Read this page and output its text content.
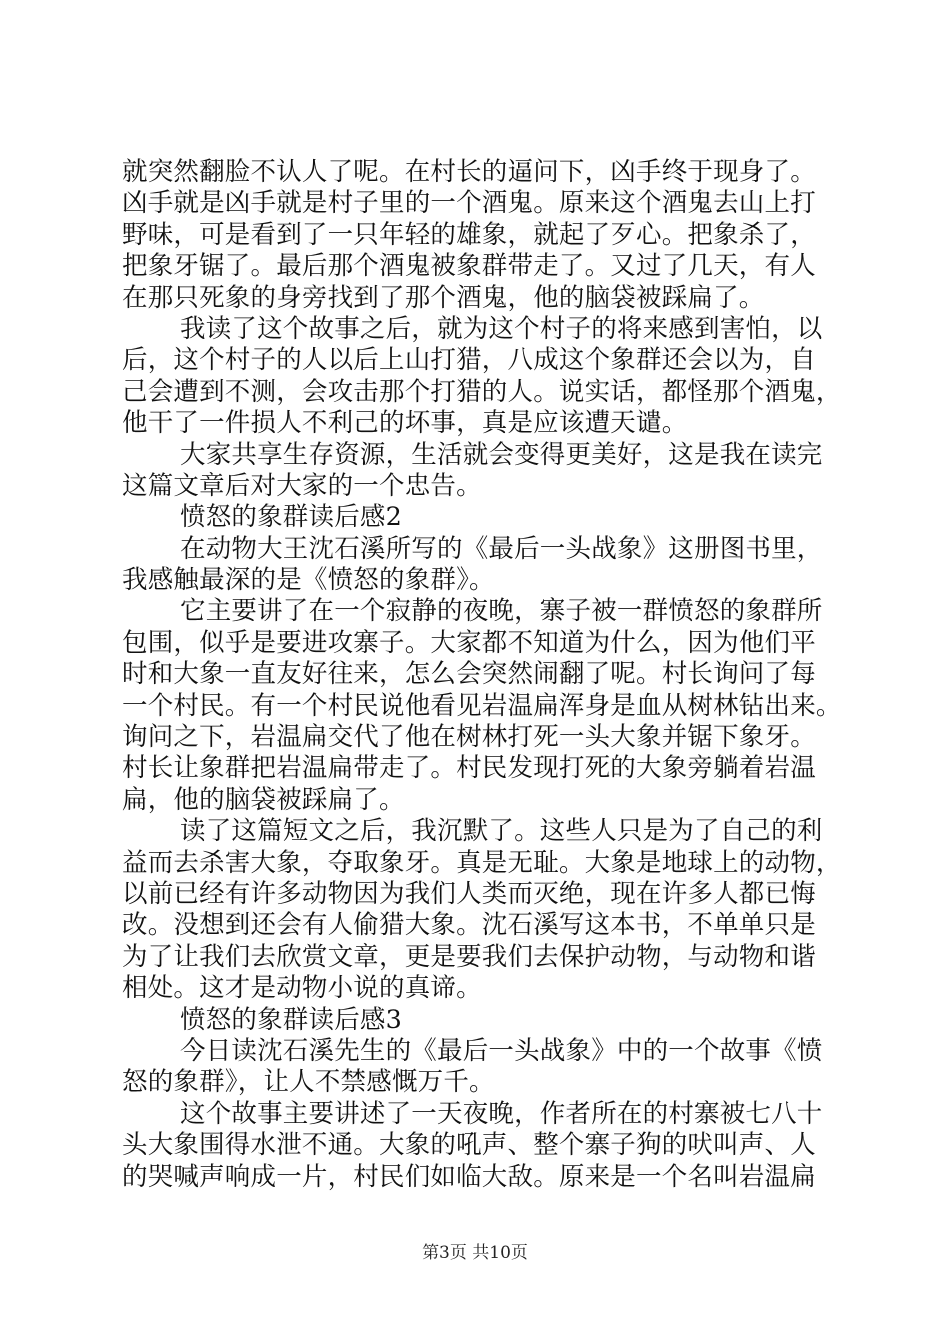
就突然翻脸不认人了呢。在村长的逼问下，凶手终于现身了。
凶手就是凶手就是村子里的一个酒鬼。原来这个酒鬼去山上打
野味，可是看到了一只年轻的雄象，就起了歹心。把象杀了，
把象牙锯了。最后那个酒鬼被象群带走了。又过了几天，有人
在那只死象的身旁找到了那个酒鬼，他的脑袋被踩扁了。
我读了这个故事之后，就为这个村子的将来感到害怕，以
后，这个村子的人以后上山打猎，八成这个象群还会以为，自
己会遭到不测，会攻击那个打猎的人。说实话，都怪那个酒鬼，
他干了一件损人不利己的坏事，真是应该遭天谴。
大家共享生存资源，生活就会变得更美好，这是我在读完
这篇文章后对大家的一个忠告。
愤怒的象群读后感2
在动物大王沈石溪所写的《最后一头战象》这册图书里，
我感触最深的是《愤怒的象群》。
它主要讲了在一个寂静的夜晚，寨子被一群愤怒的象群所
包围，似乎是要进攻寨子。大家都不知道为什么，因为他们平
时和大象一直友好往来，怎么会突然闹翻了呢。村长询问了每
一个村民。有一个村民说他看见岩温扁浑身是血从树林钻出来。
询问之下，岩温扁交代了他在树林打死一头大象并锯下象牙。
村长让象群把岩温扁带走了。村民发现打死的大象旁躺着岩温
扁，他的脑袋被踩扁了。
读了这篇短文之后，我沉默了。这些人只是为了自己的利
益而去杀害大象，夺取象牙。真是无耻。大象是地球上的动物，
以前已经有许多动物因为我们人类而灭绝，现在许多人都已悔
改。没想到还会有人偷猎大象。沈石溪写这本书，不单单只是
为了让我们去欣赏文章，更是要我们去保护动物，与动物和谐
相处。这才是动物小说的真谛。
愤怒的象群读后感3
今日读沈石溪先生的《最后一头战象》中的一个故事《愤
怒的象群》，让人不禁感慨万千。
这个故事主要讲述了一天夜晚，作者所在的村寨被七八十
头大象围得水泄不通。大象的吼声、整个寨子狗的吠叫声、人
的哭喊声响成一片，村民们如临大敌。原来是一个名叫岩温扁
第3页 共10页
